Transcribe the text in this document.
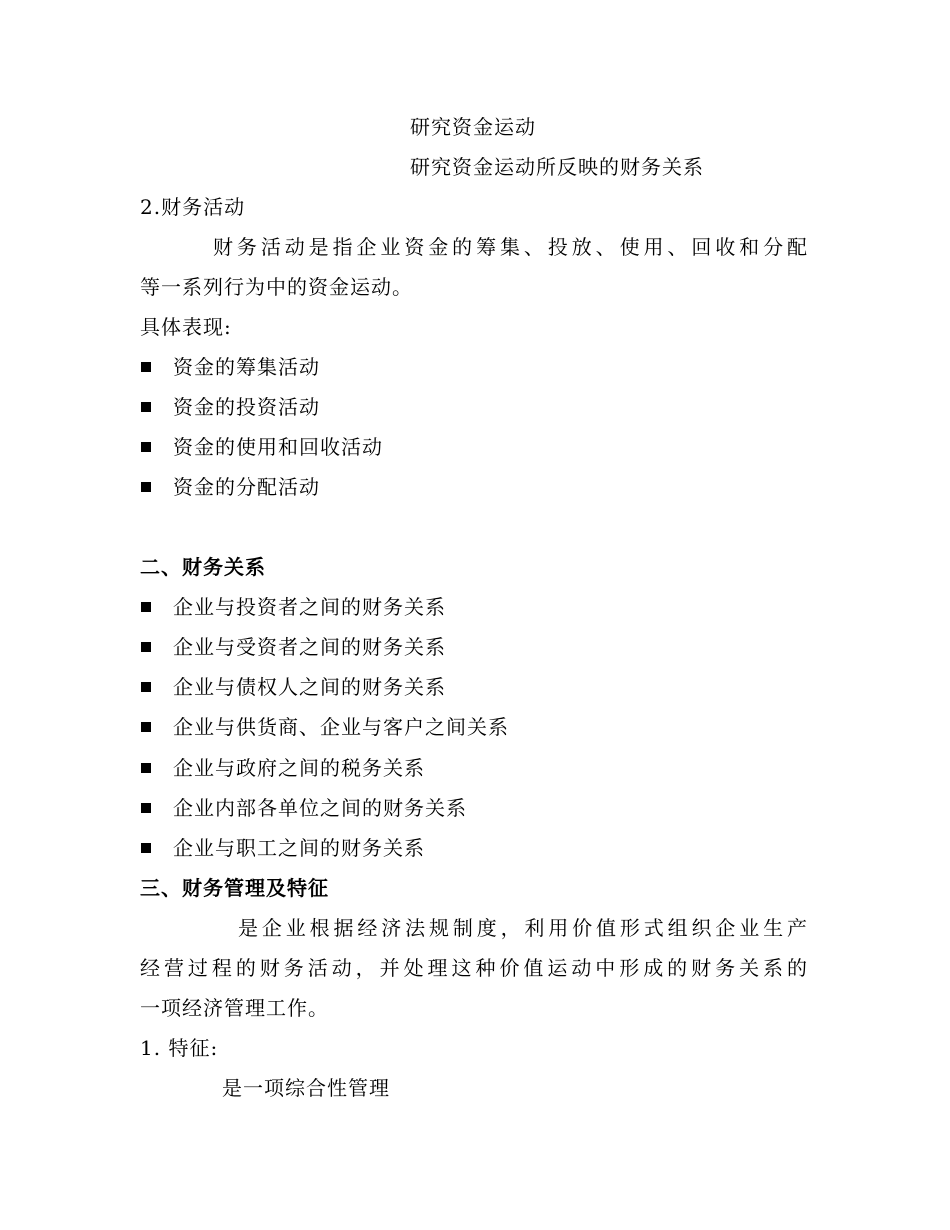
研究资金运动
研究资金运动所反映的财务关系
2.财务活动
财务活动是指企业资金的筹集、投放、使用、回收和分配
等一系列行为中的资金运动。
具体表现:
资金的筹集活动
资金的投资活动
资金的使用和回收活动
资金的分配活动
二、财务关系
企业与投资者之间的财务关系
企业与受资者之间的财务关系
企业与债权人之间的财务关系
企业与供货商、企业与客户之间关系
企业与政府之间的税务关系
企业内部各单位之间的财务关系
企业与职工之间的财务关系
三、财务管理及特征
是企业根据经济法规制度，利用价值形式组织企业生产
经营过程的财务活动，并处理这种价值运动中形成的财务关系的
一项经济管理工作。
1. 特征:
是一项综合性管理
